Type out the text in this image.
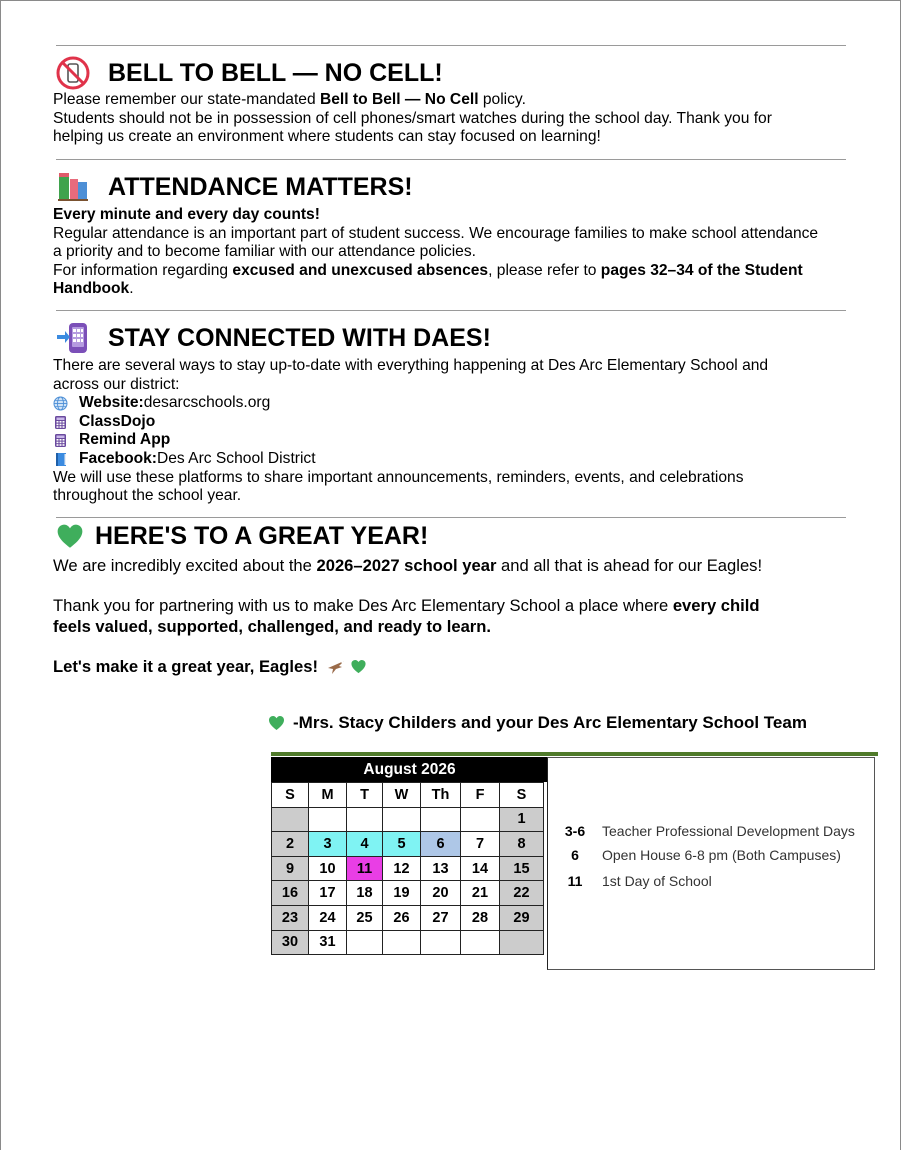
BELL TO BELL — NO CELL!
Please remember our state-mandated Bell to Bell — No Cell policy.
Students should not be in possession of cell phones/smart watches during the school day. Thank you for
helping us create an environment where students can stay focused on learning!
ATTENDANCE MATTERS!
Every minute and every day counts!
Regular attendance is an important part of student success. We encourage families to make school attendance
a priority and to become familiar with our attendance policies.
For information regarding excused and unexcused absences, please refer to pages 32–34 of the Student
Handbook.
STAY CONNECTED WITH DAES!
There are several ways to stay up-to-date with everything happening at Des Arc Elementary School and
across our district:
Website: desarcschools.org
ClassDojo
Remind App
Facebook: Des Arc School District
We will use these platforms to share important announcements, reminders, events, and celebrations
throughout the school year.
HERE'S TO A GREAT YEAR!
We are incredibly excited about the 2026–2027 school year and all that is ahead for our Eagles!
Thank you for partnering with us to make Des Arc Elementary School a place where every child
feels valued, supported, challenged, and ready to learn.
Let's make it a great year, Eagles!
-Mrs. Stacy Childers and your Des Arc Elementary School Team
August 2026
S	M	T	W	Th	F	S
						1
2	3	4	5	6	7	8
9	10	11	12	13	14	15
16	17	18	19	20	21	22
23	24	25	26	27	28	29
30	31					
3-6	Teacher Professional Development Days
6	Open House 6-8 pm (Both Campuses)
11	1st Day of School
